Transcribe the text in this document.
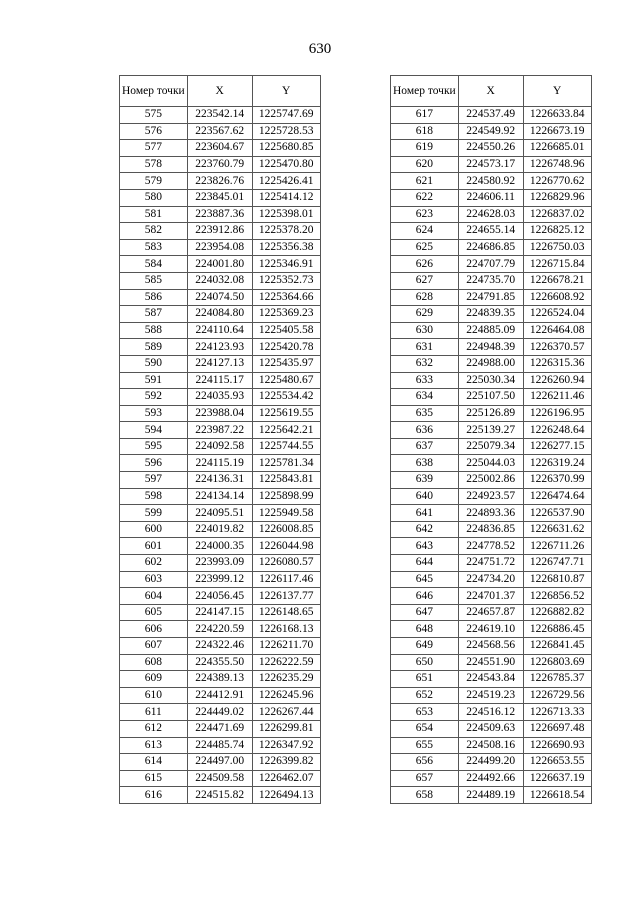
630
Номер точки	X	Y
575	223542.14	1225747.69
576	223567.62	1225728.53
577	223604.67	1225680.85
578	223760.79	1225470.80
579	223826.76	1225426.41
580	223845.01	1225414.12
581	223887.36	1225398.01
582	223912.86	1225378.20
583	223954.08	1225356.38
584	224001.80	1225346.91
585	224032.08	1225352.73
586	224074.50	1225364.66
587	224084.80	1225369.23
588	224110.64	1225405.58
589	224123.93	1225420.78
590	224127.13	1225435.97
591	224115.17	1225480.67
592	224035.93	1225534.42
593	223988.04	1225619.55
594	223987.22	1225642.21
595	224092.58	1225744.55
596	224115.19	1225781.34
597	224136.31	1225843.81
598	224134.14	1225898.99
599	224095.51	1225949.58
600	224019.82	1226008.85
601	224000.35	1226044.98
602	223993.09	1226080.57
603	223999.12	1226117.46
604	224056.45	1226137.77
605	224147.15	1226148.65
606	224220.59	1226168.13
607	224322.46	1226211.70
608	224355.50	1226222.59
609	224389.13	1226235.29
610	224412.91	1226245.96
611	224449.02	1226267.44
612	224471.69	1226299.81
613	224485.74	1226347.92
614	224497.00	1226399.82
615	224509.58	1226462.07
616	224515.82	1226494.13
Номер точки	X	Y
617	224537.49	1226633.84
618	224549.92	1226673.19
619	224550.26	1226685.01
620	224573.17	1226748.96
621	224580.92	1226770.62
622	224606.11	1226829.96
623	224628.03	1226837.02
624	224655.14	1226825.12
625	224686.85	1226750.03
626	224707.79	1226715.84
627	224735.70	1226678.21
628	224791.85	1226608.92
629	224839.35	1226524.04
630	224885.09	1226464.08
631	224948.39	1226370.57
632	224988.00	1226315.36
633	225030.34	1226260.94
634	225107.50	1226211.46
635	225126.89	1226196.95
636	225139.27	1226248.64
637	225079.34	1226277.15
638	225044.03	1226319.24
639	225002.86	1226370.99
640	224923.57	1226474.64
641	224893.36	1226537.90
642	224836.85	1226631.62
643	224778.52	1226711.26
644	224751.72	1226747.71
645	224734.20	1226810.87
646	224701.37	1226856.52
647	224657.87	1226882.82
648	224619.10	1226886.45
649	224568.56	1226841.45
650	224551.90	1226803.69
651	224543.84	1226785.37
652	224519.23	1226729.56
653	224516.12	1226713.33
654	224509.63	1226697.48
655	224508.16	1226690.93
656	224499.20	1226653.55
657	224492.66	1226637.19
658	224489.19	1226618.54
